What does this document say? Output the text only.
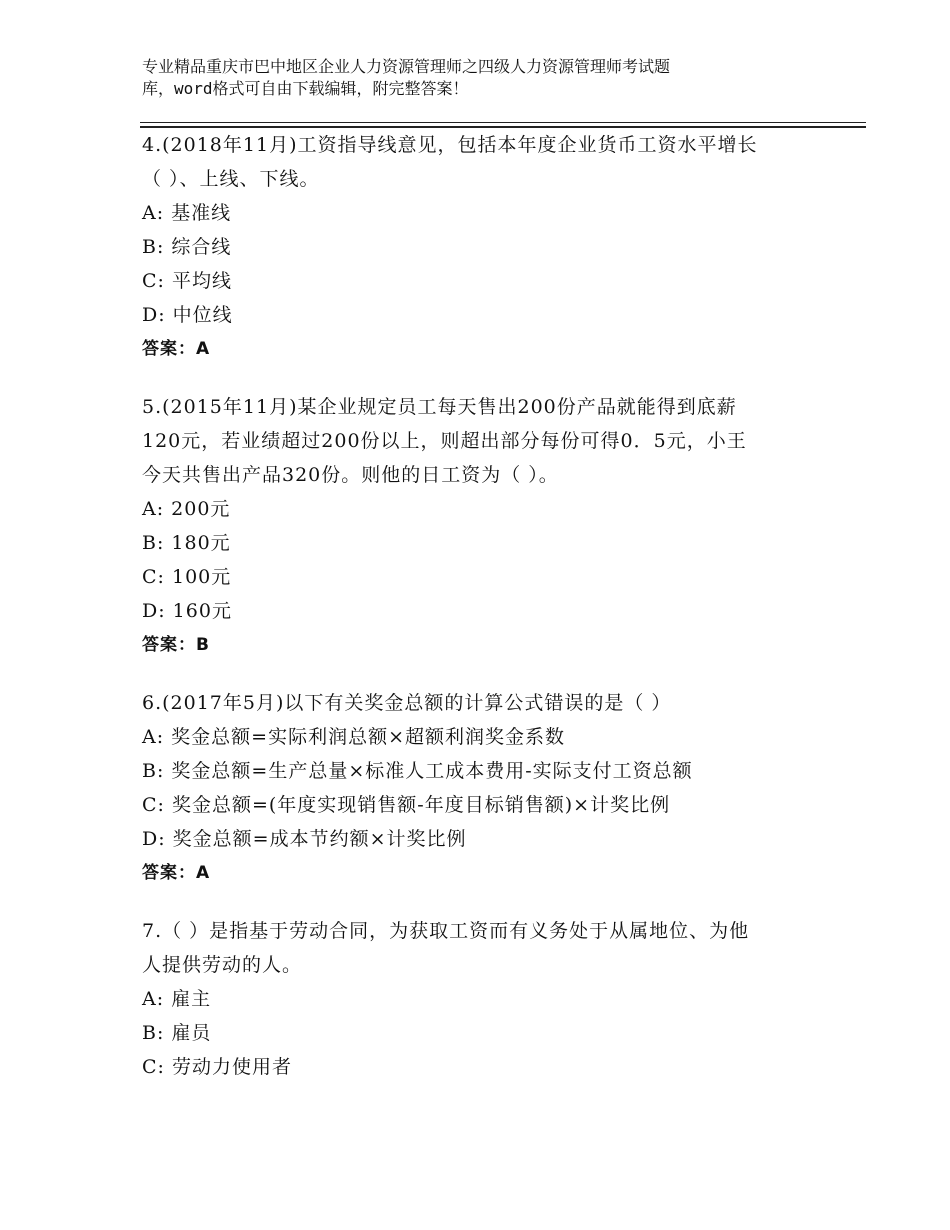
专业精品重庆市巴中地区企业人力资源管理师之四级人力资源管理师考试题
库，word格式可自由下载编辑，附完整答案！
4.(2018年11月)工资指导线意见，包括本年度企业货币工资水平增长
（ ）、上线、下线。
A: 基准线
B: 综合线
C: 平均线
D: 中位线
答案：A
5.(2015年11月)某企业规定员工每天售出200份产品就能得到底薪
120元，若业绩超过200份以上，则超出部分每份可得0．5元，小王
今天共售出产品320份。则他的日工资为（ ）。
A: 200元
B: 180元
C: 100元
D: 160元
答案：B
6.(2017年5月)以下有关奖金总额的计算公式错误的是（ ）
A: 奖金总额=实际利润总额×超额利润奖金系数
B: 奖金总额=生产总量×标准人工成本费用-实际支付工资总额
C: 奖金总额=(年度实现销售额-年度目标销售额)×计奖比例
D: 奖金总额=成本节约额×计奖比例
答案：A
7.（ ）是指基于劳动合同，为获取工资而有义务处于从属地位、为他
人提供劳动的人。
A: 雇主
B: 雇员
C: 劳动力使用者
